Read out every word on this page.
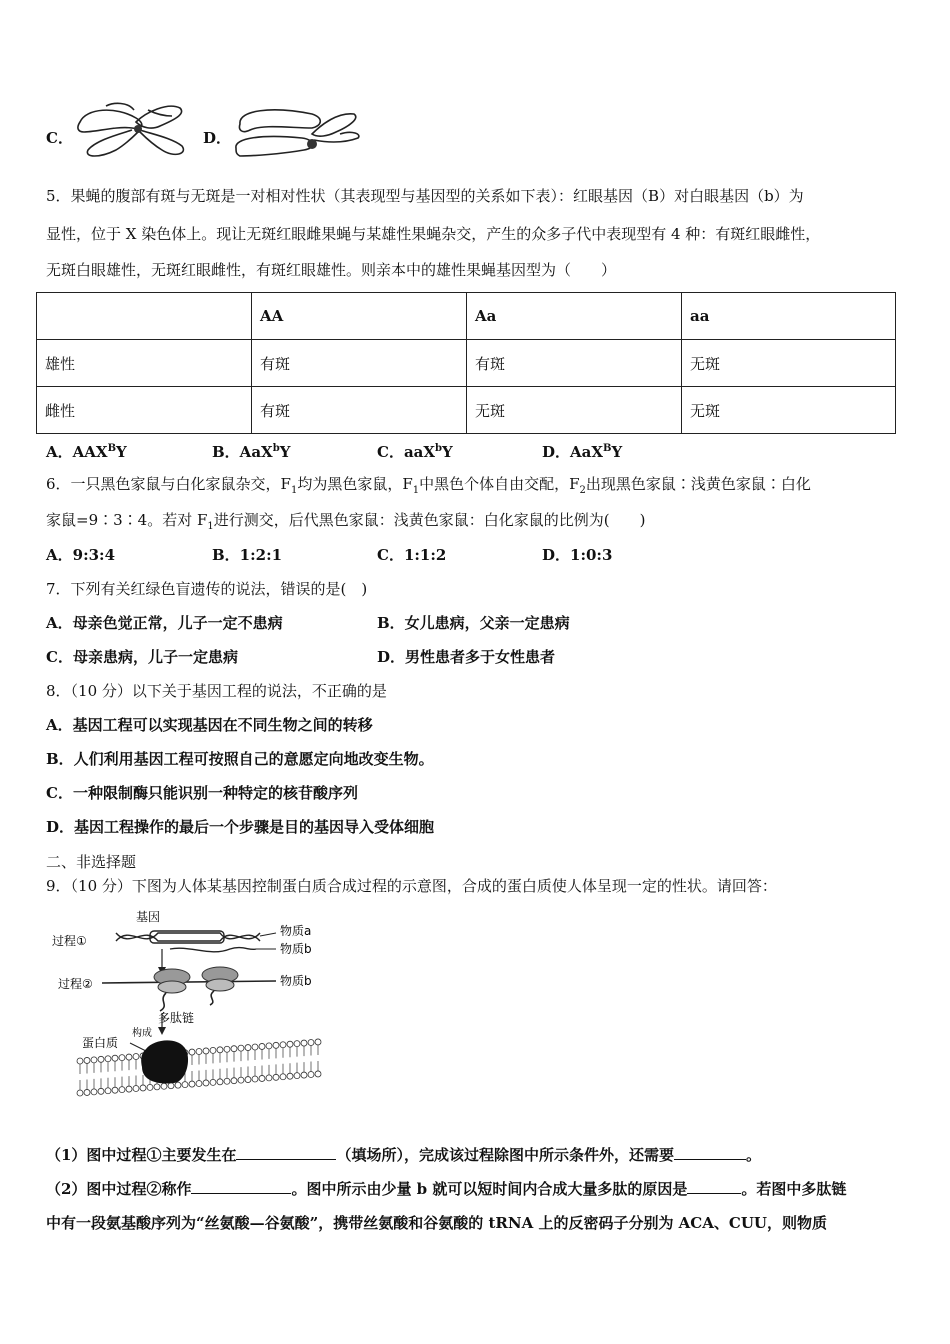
C．	D．
5．果蝇的腹部有斑与无斑是一对相对性状（其表现型与基因型的关系如下表）：红眼基因（B）对白眼基因（b）为
显性，位于 X 染色体上。现让无斑红眼雌果蝇与某雄性果蝇杂交，产生的众多子代中表现型有 4 种：有斑红眼雌性，
无斑白眼雄性，无斑红眼雌性，有斑红眼雄性。则亲本中的雄性果蝇基因型为（　　）
	AA	Aa	aa
雄性	有斑	有斑	无斑
雌性	有斑	无斑	无斑
A．$AAX^BY$	B．AaX$^b$Y	C．aaX$^b$Y	D．AaX$^B$Y
6．一只黑色家鼠与白化家鼠杂交，$F_1$均为黑色家鼠，$F_1$中黑色个体自由交配，$F_2$出现黑色家鼠∶浅黄色家鼠∶白化
家鼠=9∶3∶4。若对 $F_1$进行测交，后代黑色家鼠：浅黄色家鼠：白化家鼠的比例为(　　)
A．9:3:4	B．1:2:1	C．1:1:2	D．1:0:3
7．下列有关红绿色盲遗传的说法，错误的是(　)
A．母亲色觉正常，儿子一定不患病	B．女儿患病，父亲一定患病
C．母亲患病，儿子一定患病	D．男性患者多于女性患者
8．（10 分）以下关于基因工程的说法，不正确的是
A．基因工程可以实现基因在不同生物之间的转移
B．人们利用基因工程可按照自己的意愿定向地改变生物。
C．一种限制酶只能识别一种特定的核苷酸序列
D．基因工程操作的最后一个步骤是目的基因导入受体细胞
二、非选择题
9．（10 分）下图为人体某基因控制蛋白质合成过程的示意图，合成的蛋白质使人体呈现一定的性状。请回答：
基因
过程①
物质a
物质b
过程②	物质b
多肽链
构成
蛋白质
（1）图中过程①主要发生在	（填场所），完成该过程除图中所示条件外，还需要	。
（2）图中过程②称作	。图中所示由少量 b 就可以短时间内合成大量多肽的原因是	。若图中多肽链
中有一段氨基酸序列为“丝氨酸—谷氨酸”，携带丝氨酸和谷氨酸的 tRNA 上的反密码子分别为 ACA、CUU，则物质
